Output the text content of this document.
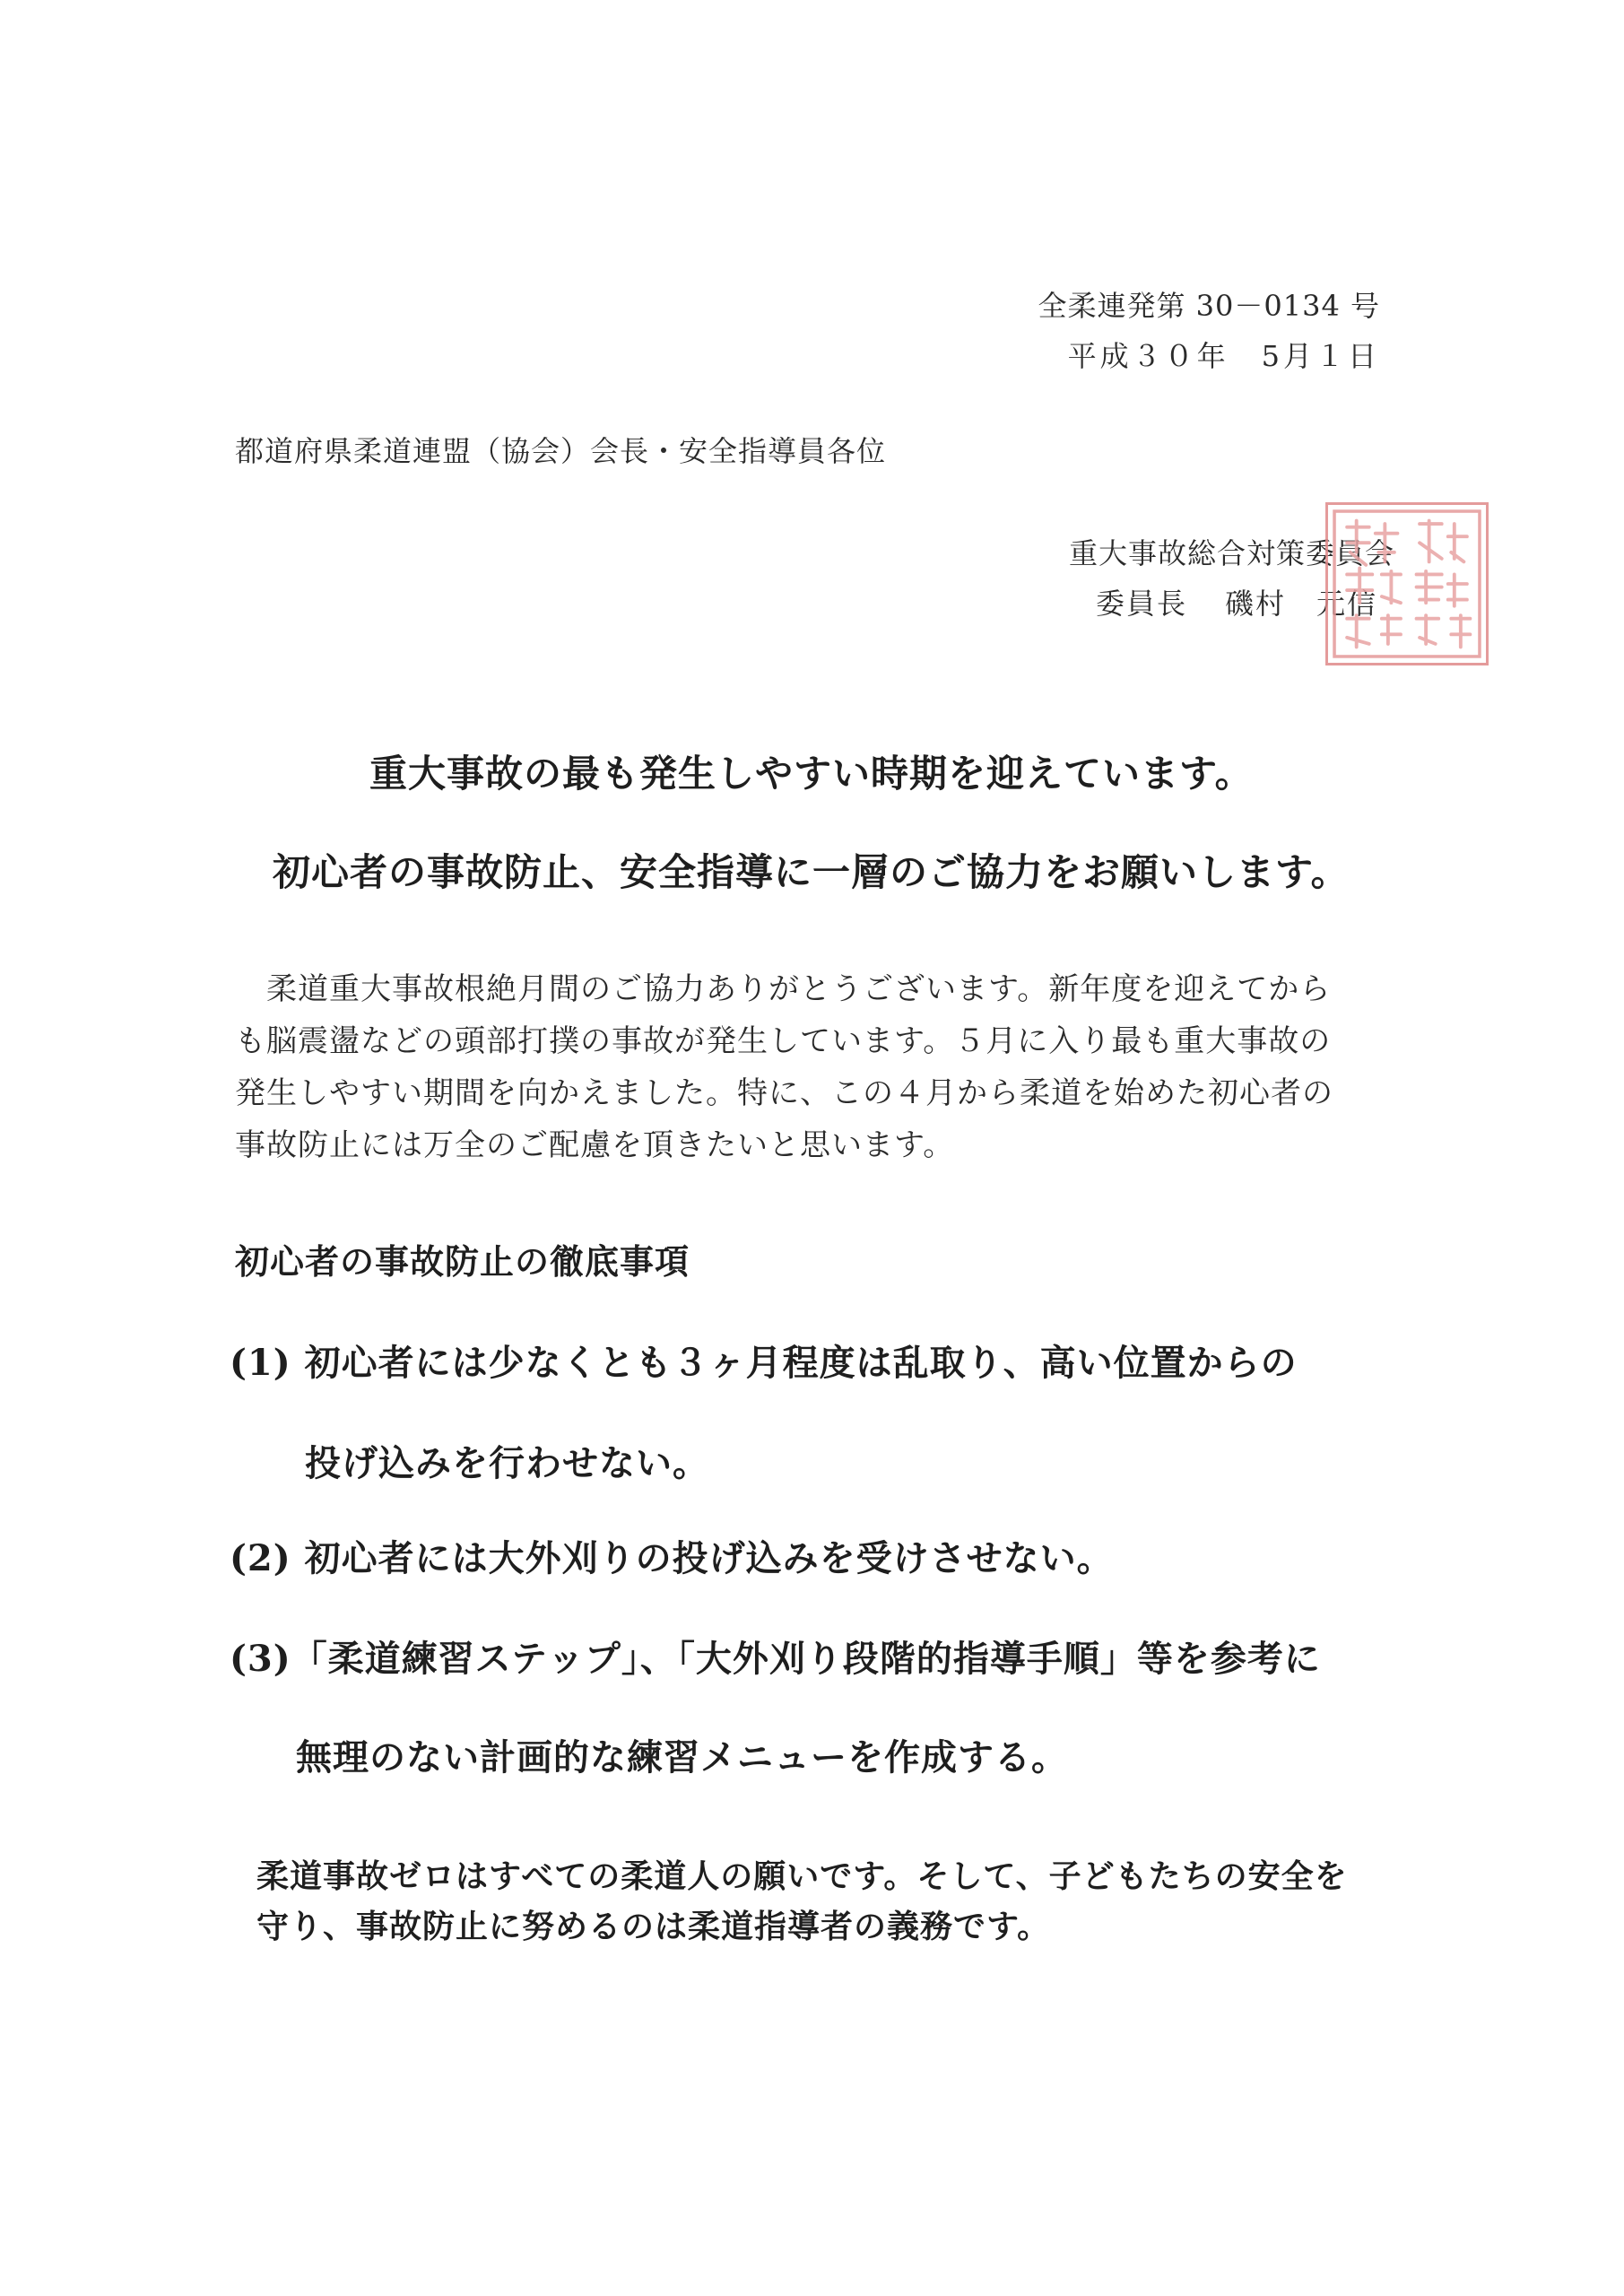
全柔連発第 30－0134 号
平成３０年　5月１日
都道府県柔道連盟（協会）会長・安全指導員各位
重大事故総合対策委員会
委員長 磯村　元信
重大事故の最も発生しやすい時期を迎えています。
初心者の事故防止、安全指導に一層のご協力をお願いします。
　柔道重大事故根絶月間のご協力ありがとうございます。新年度を迎えてから
も脳震盪などの頭部打撲の事故が発生しています。５月に入り最も重大事故の
発生しやすい期間を向かえました。特に、この４月から柔道を始めた初心者の
事故防止には万全のご配慮を頂きたいと思います。
初心者の事故防止の徹底事項
(1) 初心者には少なくとも３ヶ月程度は乱取り、高い位置からの
投げ込みを行わせない。
(2) 初心者には大外刈りの投げ込みを受けさせない。
(3)「柔道練習ステップ」、「大外刈り段階的指導手順」等を参考に
無理のない計画的な練習メニューを作成する。
柔道事故ゼロはすべての柔道人の願いです。そして、子どもたちの安全を
守り、事故防止に努めるのは柔道指導者の義務です。
